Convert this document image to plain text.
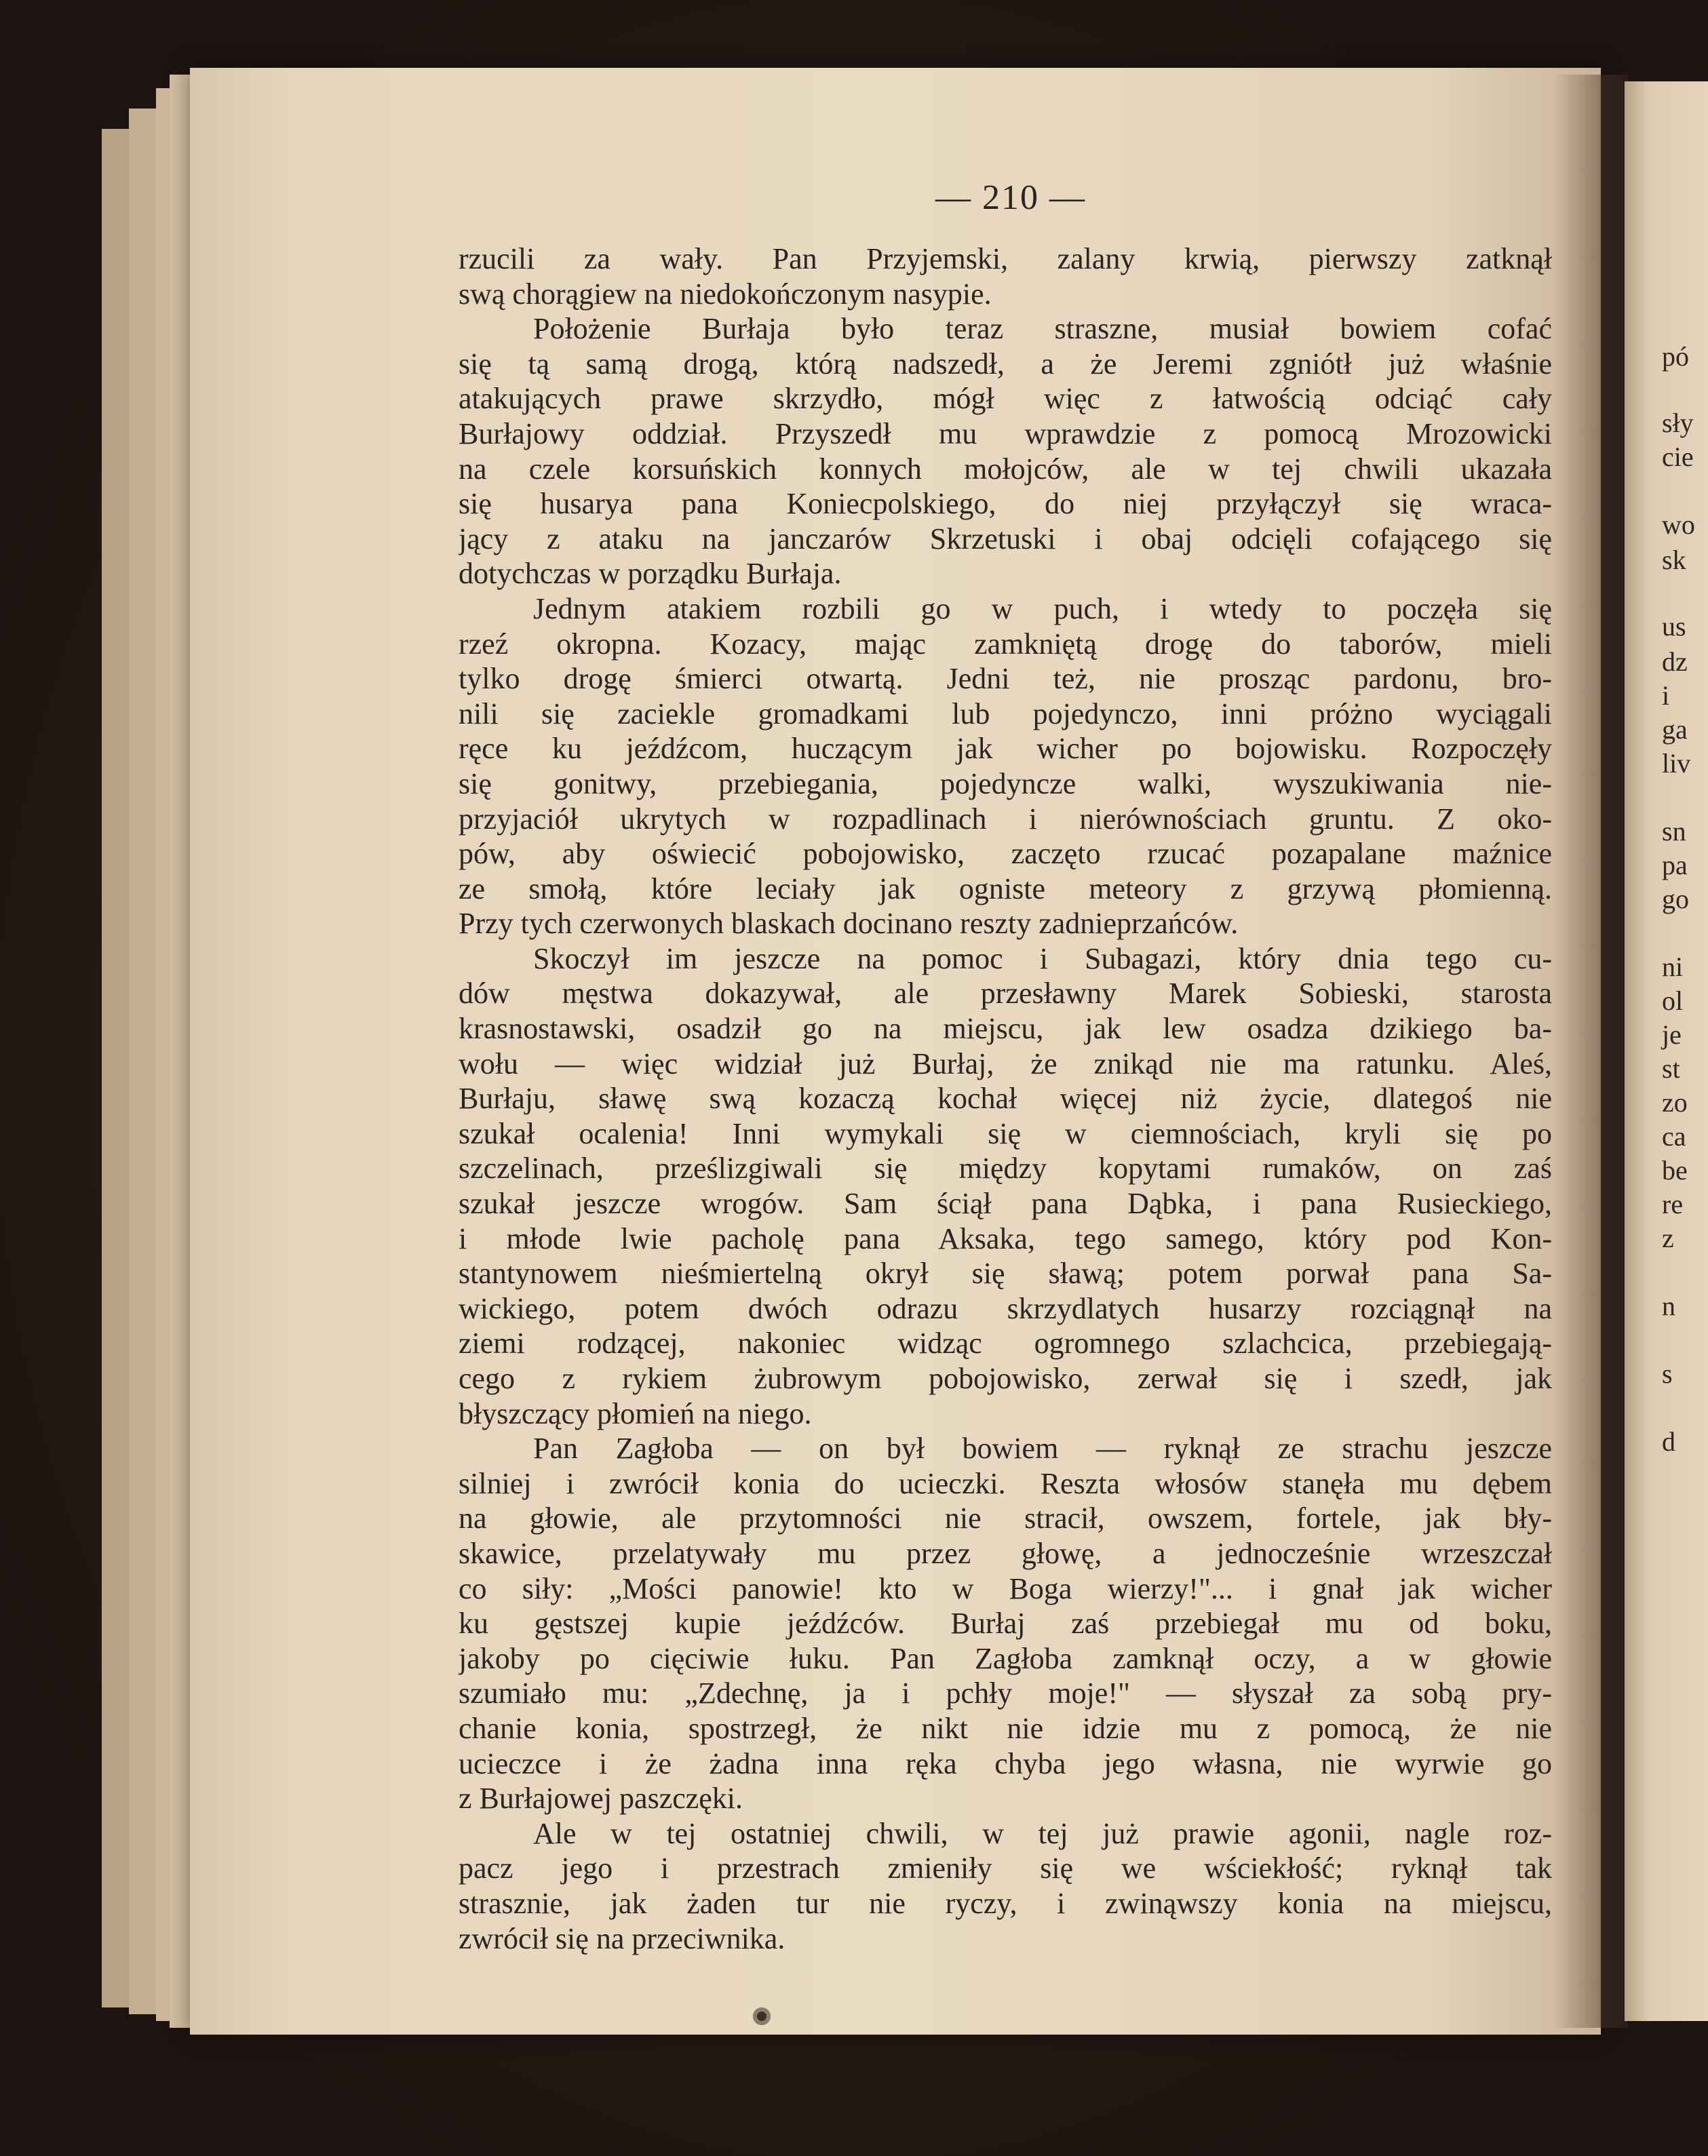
pó
sły
cie
wo
sk
us
dz
i
ga
liv
sn
pa
go
ni
ol
je
st
zo
ca
be
re
z
n
s
d
— 210 —
rzucili za wały. Pan Przyjemski, zalany krwią, pierwszy zatknął
swą chorągiew na niedokończonym nasypie.
Położenie Burłaja było teraz straszne, musiał bowiem cofać
się tą samą drogą, którą nadszedł, a że Jeremi zgniótł już właśnie
atakujących prawe skrzydło, mógł więc z łatwością odciąć cały
Burłajowy oddział. Przyszedł mu wprawdzie z pomocą Mrozowicki
na czele korsuńskich konnych mołojców, ale w tej chwili ukazała
się husarya pana Koniecpolskiego, do niej przyłączył się wraca-
jący z ataku na janczarów Skrzetuski i obaj odcięli cofającego się
dotychczas w porządku Burłaja.
Jednym atakiem rozbili go w puch, i wtedy to poczęła się
rzeź okropna. Kozacy, mając zamkniętą drogę do taborów, mieli
tylko drogę śmierci otwartą. Jedni też, nie prosząc pardonu, bro-
nili się zaciekle gromadkami lub pojedynczo, inni próżno wyciągali
ręce ku jeźdźcom, huczącym jak wicher po bojowisku. Rozpoczęły
się gonitwy, przebiegania, pojedyncze walki, wyszukiwania nie-
przyjaciół ukrytych w rozpadlinach i nierównościach gruntu. Z oko-
pów, aby oświecić pobojowisko, zaczęto rzucać pozapalane maźnice
ze smołą, które leciały jak ogniste meteory z grzywą płomienną.
Przy tych czerwonych blaskach docinano reszty zadnieprzańców.
Skoczył im jeszcze na pomoc i Subagazi, który dnia tego cu-
dów męstwa dokazywał, ale przesławny Marek Sobieski, starosta
krasnostawski, osadził go na miejscu, jak lew osadza dzikiego ba-
wołu — więc widział już Burłaj, że znikąd nie ma ratunku. Aleś,
Burłaju, sławę swą kozaczą kochał więcej niż życie, dlategoś nie
szukał ocalenia! Inni wymykali się w ciemnościach, kryli się po
szczelinach, prześlizgiwali się między kopytami rumaków, on zaś
szukał jeszcze wrogów. Sam ściął pana Dąbka, i pana Rusieckiego,
i młode lwie pacholę pana Aksaka, tego samego, który pod Kon-
stantynowem nieśmiertelną okrył się sławą; potem porwał pana Sa-
wickiego, potem dwóch odrazu skrzydlatych husarzy rozciągnął na
ziemi rodzącej, nakoniec widząc ogromnego szlachcica, przebiegają-
cego z rykiem żubrowym pobojowisko, zerwał się i szedł, jak
błyszczący płomień na niego.
Pan Zagłoba — on był bowiem — ryknął ze strachu jeszcze
silniej i zwrócił konia do ucieczki. Reszta włosów stanęła mu dębem
na głowie, ale przytomności nie stracił, owszem, fortele, jak bły-
skawice, przelatywały mu przez głowę, a jednocześnie wrzeszczał
co siły: „Mości panowie! kto w Boga wierzy!"... i gnał jak wicher
ku gęstszej kupie jeźdźców. Burłaj zaś przebiegał mu od boku,
jakoby po cięciwie łuku. Pan Zagłoba zamknął oczy, a w głowie
szumiało mu: „Zdechnę, ja i pchły moje!" — słyszał za sobą pry-
chanie konia, spostrzegł, że nikt nie idzie mu z pomocą, że nie
ucieczce i że żadna inna ręka chyba jego własna, nie wyrwie go
z Burłajowej paszczęki.
Ale w tej ostatniej chwili, w tej już prawie agonii, nagle roz-
pacz jego i przestrach zmieniły się we wściekłość; ryknął tak
strasznie, jak żaden tur nie ryczy, i zwinąwszy konia na miejscu,
zwrócił się na przeciwnika.
